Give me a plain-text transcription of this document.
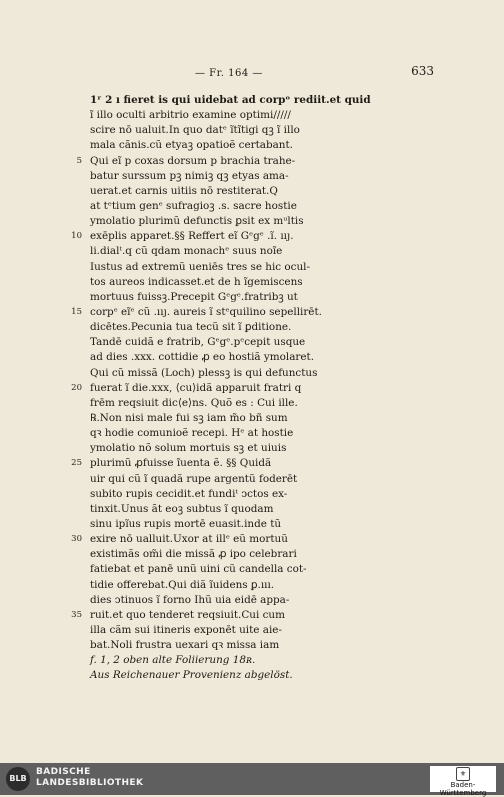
— Fr. 164 —	633
1ʳ 2 ı fieret is qui uidebat ad corpᵒ rediit.et quid
ĩ illo oculti arbitrio examine optimi/////
scire nō ualuit.In quo datᵉ ĩtĩtigi qꝫ ĩ illo
mala cãnis.cũ etyaꝫ opatioẽ certabant.
5 Qui eĩ p coxas dorsum p brachia trahe-
batur surssum pꝫ nimiꝫ qꝫ etyas ama-
uerat.et carnis uitiis nō restiterat.Q
at tᵉtium genᵉ sufragioꝫ .s. sacre hostie
ymolatio plurimũ defunctis ꝑsit ex mᵘltis
10 exēplis apparet.§§ Reffert eĩ Gᵉgᵉ .ĩ. ııȷ.
li.dialᵗ.q cũ qdam monachᵉ suus noĩe
Iustus ad extremũ ueniēs tres se hic ocul-
tos aureos indicasset.et de h ĩgemiscens
mortuus fuissꝫ.Precepit Gᵉgᵉ.fratribꝫ ut
15 corpᵉ eĩᵉ cũ .ııȷ. aureis ĩ stᵉquilino sepellirēt.
dicētes.Pecunia tua tecũ sit ĩ ꝑditione.
Tandē cuidã e fratrib, Gᵉgᵉ.pᵉcepit usque
ad dies .xxx. cottidie ꝓ eo hostiã ymolaret.
Qui cũ missã (Loch) plessꝫ is qui defunctus
20 fuerat ĩ die.xxx, ⟨cu⟩idã apparuit fratri q
frēm reqsiuit dic⟨e⟩ns. Quõ es : Cui ille.
℞.Non nisi male fui sꝫ iam m̃o bñ sum
qꝛ hodie comunioẽ recepi. Hᵉ at hostie
ymolatio nõ solum mortuis sꝫ et uiuis
25 plurimũ ꝓfuisse ĩuenta ẽ. §§ Quidã
uir qui cũ ĩ quadã rupe argentũ foderēt
subito rupis cecidit.et fundiᵗ ↄctos ex-
tinxit.Unus ãt eoꝫ subtus ĩ quodam
sinu ipĩus rupis mortē euasit.inde tũ
30 exire nō ualluit.Uxor at illᵉ eũ mortuũ
existimãs om̃i die missã ꝓ ipo celebrari
fatiebat et panē unũ uini cũ candella cot-
tidie offerebat.Qui diã ĩuidens ꝑ.ııı.
dies ↄtinuos ĩ forno Ihũ uia eidē appa-
35 ruit.et quo tenderet reqsiuit.Cui cum
illa cãm sui itineris exponēt uite aie-
bat.Noli frustra uexari qꝛ missa iam
f. 1, 2 oben alte Foliierung 18ʀ.
Aus Reichenauer Provenienz abgelöst.
BLB
BADISCHE
LANDESBIBLIOTHEK
⚜
Baden-Württemberg
